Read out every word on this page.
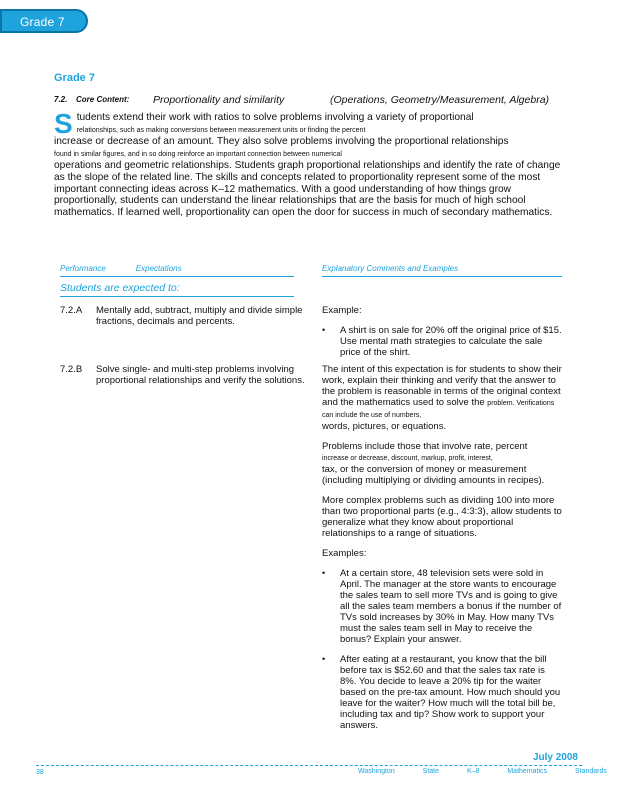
Grade 7
Grade 7
7.2. Core Content: Proportionality and similarity	(Operations, Geometry/Measurement, Algebra)
S tudents extend their work with ratios to solve problems involving a variety of proportional
relationships, such as making conversions between measurement units or finding the percent
increase or decrease of an amount. They also solve problems involving the proportional relationships
found in similar figures, and in so doing reinforce an important connection between numerical
operations and geometric relationships. Students graph proportional relationships and identify the rate of change as the slope of the related line. The skills and concepts related to proportionality represent some of the most important connecting ideas across K–12 mathematics. With a good understanding of how things grow proportionally, students can understand the linear relationships that are the basis for much of high school mathematics. If learned well, proportionality can open the door for success in much of secondary mathematics.
Performance	Expectations	Explanatory Comments and Examples
Students are expected to:
7.2.A Mentally add, subtract, multiply and divide simple fractions, decimals and percents.

Example:

• A shirt is on sale for 20% off the original price of $15. Use mental math strategies to calculate the sale price of the shirt.
7.2.B Solve single- and multi-step problems involving proportional relationships and verify the solutions.

The intent of this expectation is for students to show their work, explain their thinking and verify that the answer to the problem is reasonable in terms of the original context and the mathematics used to solve the problem. Verifications can include the use of numbers,
words, pictures, or equations.

Problems include those that involve rate, percent
increase or decrease, discount, markup, profit, interest,
tax, or the conversion of money or measurement (including multiplying or dividing amounts in recipes).

More complex problems such as dividing 100 into more than two proportional parts (e.g., 4:3:3), allow students to generalize what they know about proportional relationships to a range of situations.

Examples:

• At a certain store, 48 television sets were sold in April. The manager at the store wants to encourage the sales team to sell more TVs and is going to give all the sales team members a bonus if the number of TVs sold increases by 30% in May. How many TVs must the sales team sell in May to receive the bonus? Explain your answer.
• After eating at a restaurant, you know that the bill before tax is $52.60 and that the sales tax rate is 8%. You decide to leave a 20% tip for the waiter based on the pre-tax amount. How much should you leave for the waiter? How much will the total bill be, including tax and tip? Show work to support your answers.
July 2008
38	Washington State K–8 Mathematics Standards
